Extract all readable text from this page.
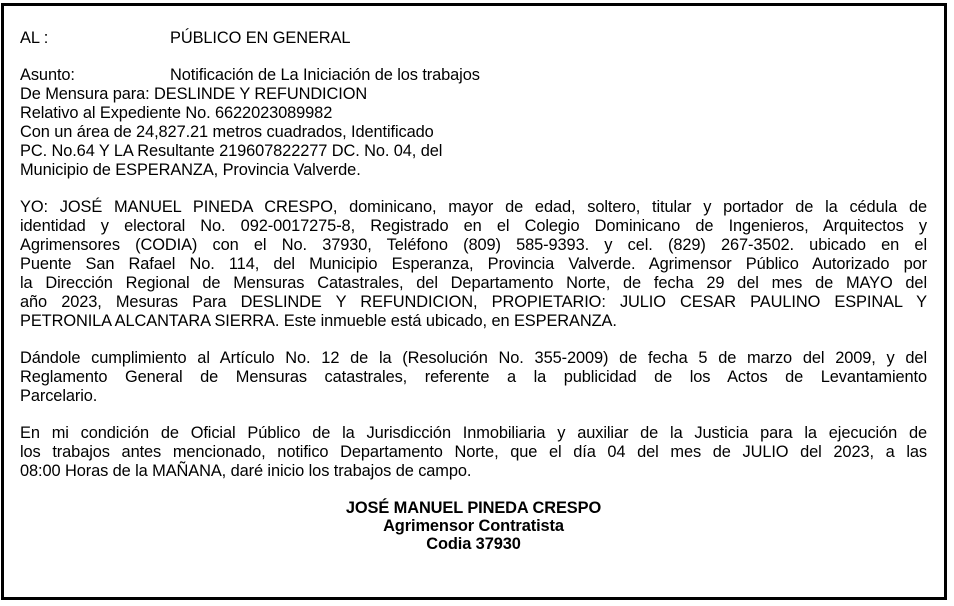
AL :	PÚBLICO EN GENERAL
Asunto:	Notificación de La Iniciación de los trabajos
De Mensura para: DESLINDE Y REFUNDICION
Relativo al Expediente No. 6622023089982
Con un área de 24,827.21 metros cuadrados, Identificado
PC. No.64 Y LA Resultante 219607822277 DC. No. 04, del
Municipio de ESPERANZA, Provincia Valverde.
YO: JOSÉ MANUEL PINEDA CRESPO, dominicano, mayor de edad, soltero, titular y portador de la cédula de
identidad y electoral No. 092-0017275-8, Registrado en el Colegio Dominicano de Ingenieros, Arquitectos y
Agrimensores (CODIA) con el No. 37930, Teléfono (809) 585-9393. y cel. (829) 267-3502. ubicado en el
Puente San Rafael No. 114, del Municipio Esperanza, Provincia Valverde. Agrimensor Público Autorizado por
la Dirección Regional de Mensuras Catastrales, del Departamento Norte, de fecha 29 del mes de MAYO del
año 2023, Mesuras Para DESLINDE Y REFUNDICION, PROPIETARIO: JULIO CESAR PAULINO ESPINAL Y
PETRONILA ALCANTARA SIERRA. Este inmueble está ubicado, en ESPERANZA.
Dándole cumplimiento al Artículo No. 12 de la (Resolución No. 355-2009) de fecha 5 de marzo del 2009, y del
Reglamento General de Mensuras catastrales, referente a la publicidad de los Actos de Levantamiento
Parcelario.
En mi condición de Oficial Público de la Jurisdicción Inmobiliaria y auxiliar de la Justicia para la ejecución de
los trabajos antes mencionado, notifico Departamento Norte, que el día 04 del mes de JULIO del 2023, a las
08:00 Horas de la MAÑANA, daré inicio los trabajos de campo.
JOSÉ MANUEL PINEDA CRESPO
Agrimensor Contratista
Codia 37930
